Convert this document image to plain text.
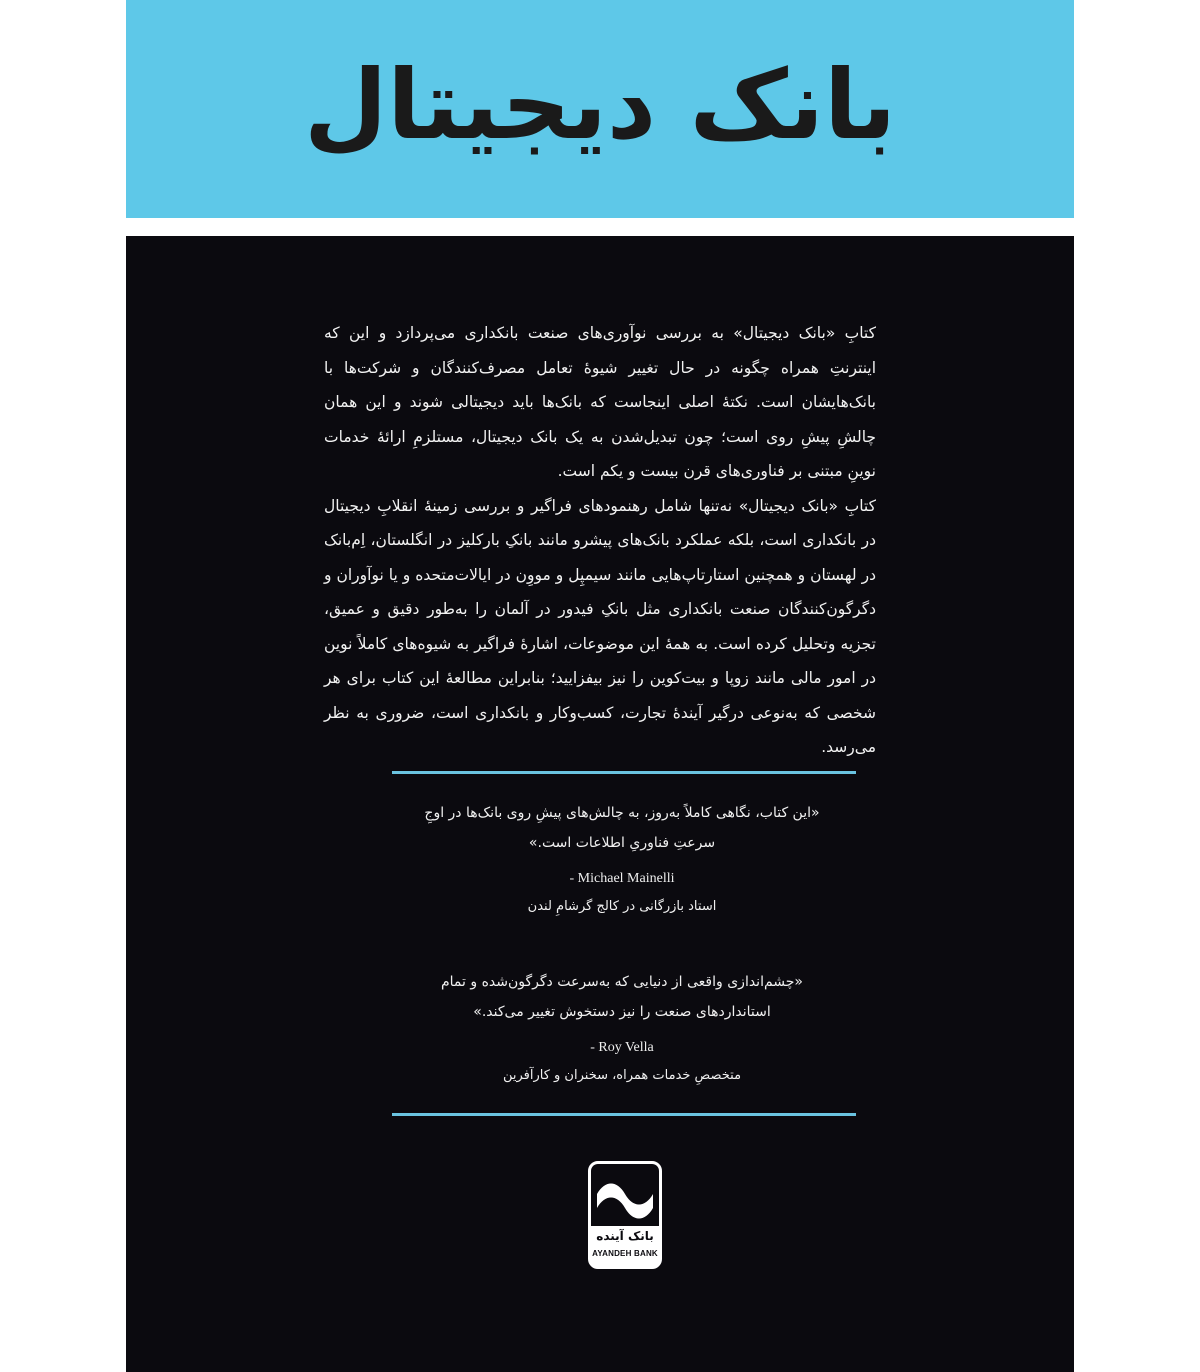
بانک دیجیتال

کتابِ «بانک دیجیتال» به بررسی نوآوری‌های صنعت بانکداری می‌پردازد و این که اینترنتِ همراه چگونه در حال تغییر شیوهٔ تعامل مصرف‌کنندگان و شرکت‌ها با بانک‌هایشان است. نکتهٔ اصلی اینجاست که بانک‌ها باید دیجیتالی شوند و این همان چالشِ پیشِ روی است؛ چون تبدیل‌شدن به یک بانک دیجیتال، مستلزمِ ارائهٔ خدمات نوینِ مبتنی بر فناوری‌های قرن بیست و یکم است.

کتابِ «بانک دیجیتال» نه‌تنها شامل رهنمودهای فراگیر و بررسی زمینهٔ انقلابِ دیجیتال در بانکداری است، بلکه عملکرد بانک‌های پیشرو مانند بانکِ بارکلیز در انگلستان، اِم‌بانک در لهستان و همچنین استارتاپ‌هایی مانند سیمپِل و مووِن در ایالات‌متحده و یا نوآوران و دگرگون‌کنندگان صنعت بانکداری مثل بانکِ فیدور در آلمان را به‌طور دقیق و عمیق، تجزیه وتحلیل کرده است. به همهٔ این موضوعات، اشارهٔ فراگیر به شیوه‌های کاملاً نوین در امور مالی مانند زوپا و بیت‌کوین را نیز بیفزایید؛ بنابراین مطالعهٔ این کتاب برای هر شخصی که به‌نوعی درگیر آیندهٔ تجارت، کسب‌وکار و بانکداری است، ضروری به نظر می‌رسد.

«این کتاب، نگاهی کاملاً به‌روز، به چالش‌های پیشِ روی بانک‌ها در اوجِ سرعتِ فناوریِ اطلاعات است.»

- Michael Mainelli
استاد بازرگانی در کالج گرشامِ لندن

«چشم‌اندازی واقعی از دنیایی که به‌سرعت دگرگون‌شده و تمام استانداردهای صنعت را نیز دستخوش تغییر می‌کند.»

- Roy Vella
متخصصِ خدمات همراه، سخنران و کارآفرین
بانک آینده
AYANDEH BANK
